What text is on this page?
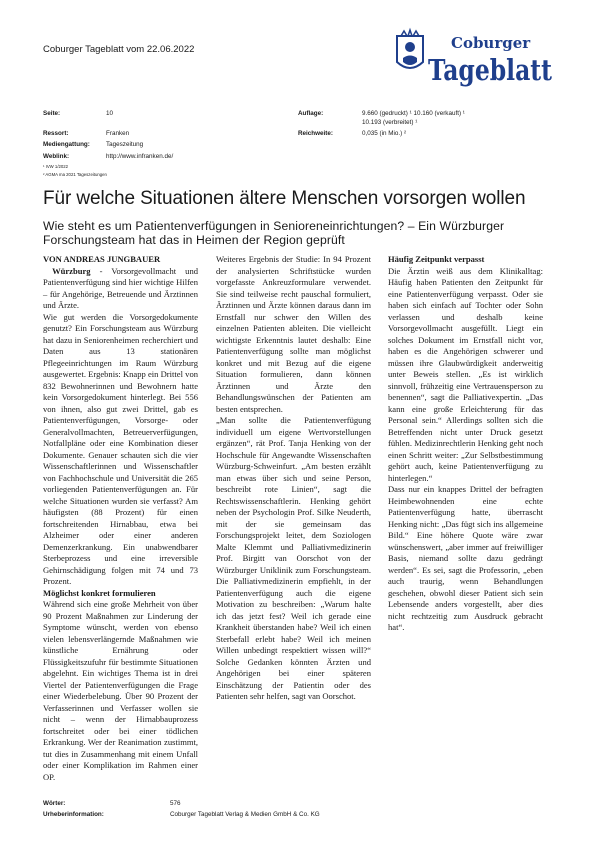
Coburger Tageblatt vom 22.06.2022	Coburger
Tageblatt
Seite:	10
Ressort:	Franken
Mediengattung:	Tageszeitung
Weblink:	http://www.infranken.de/
¹ IVW 1/2022
² AGMA ma 2021 Tageszeitungen
Auflage:	9.660 (gedruckt) ¹ 10.160 (verkauft) ¹
10.193 (verbreitet) ¹
Reichweite:	0,035 (in Mio.) ²
Für welche Situationen ältere Menschen vorsorgen wollen
Wie steht es um Patientenverfügungen in Senioreneinrichtungen? – Ein Würzburger Forschungsteam hat das in Heimen der Region geprüft

VON ANDREAS JUNGBAUER

Würzburg - Vorsorgevollmacht und Patientenverfügung sind hier wichtige Hilfen – für Angehörige, Betreuende und Ärztinnen und Ärzte.

Wie gut werden die Vorsorgedokumente genutzt? Ein Forschungsteam aus Würzburg hat dazu in Seniorenheimen recherchiert und Daten aus 13 stationären Pflegeeinrichtungen im Raum Würzburg ausgewertet. Ergebnis: Knapp ein Drittel von 832 Bewohnerinnen und Bewohnern hatte kein Vorsorgedokument hinterlegt. Bei 556 von ihnen, also gut zwei Drittel, gab es Patientenverfügungen, Vorsorge- oder Generalvollmachten, Betreuerverfügungen, Notfallpläne oder eine Kombination dieser Dokumente. Genauer schauten sich die vier Wissenschaftlerinnen und Wissenschaftler von Fachhochschule und Universität die 265 vorliegenden Patientenverfügungen an. Für welche Situationen wurden sie verfasst? Am häufigsten (88 Prozent) für einen fortschreitenden Hirnabbau, etwa bei Alzheimer oder einer anderen Demenzerkrankung. Ein unabwendbarer Sterbeprozess und eine irreversible Gehirnschädigung folgen mit 74 und 73 Prozent.

Möglichst konkret formulieren

Während sich eine große Mehrheit von über 90 Prozent Maßnahmen zur Linderung der Symptome wünscht, werden von ebenso vielen lebensverlängernde Maßnahmen wie künstliche Ernährung oder Flüssigkeitszufuhr für bestimmte Situationen abgelehnt. Ein wichtiges Thema ist in drei Viertel der Patientenverfügungen die Frage einer Wiederbelebung. Über 90 Prozent der Verfasserinnen und Verfasser wollen sie nicht – wenn der Hirnabbauprozess fortschreitet oder bei einer tödlichen Erkrankung. Wer der Reanimation zustimmt, tut dies in Zusammenhang mit einem Unfall oder einer Komplikation im Rahmen einer OP.

Weiteres Ergebnis der Studie: In 94 Prozent der analysierten Schriftstücke wurden vorgefasste Ankreuzformulare verwendet. Sie sind teilweise recht pauschal formuliert, Ärztinnen und Ärzte können daraus dann im Ernstfall nur schwer den Willen des einzelnen Patienten ableiten. Die vielleicht wichtigste Erkenntnis lautet deshalb: Eine Patientenverfügung sollte man möglichst konkret und mit Bezug auf die eigene Situation formulieren, dann können Ärztinnen und Ärzte den Behandlungswünschen der Patienten am besten entsprechen.

„Man sollte die Patientenverfügung individuell um eigene Wertvorstellungen ergänzen“, rät Prof. Tanja Henking von der Hochschule für Angewandte Wissenschaften Würzburg-Schweinfurt. „Am besten erzählt man etwas über sich und seine Person, beschreibt rote Linien“, sagt die Rechtswissenschaftlerin. Henking gehört neben der Psychologin Prof. Silke Neuderth, mit der sie gemeinsam das Forschungsprojekt leitet, dem Soziologen Malte Klemmt und Palliativmedizinerin Prof. Birgitt van Oorschot von der Würzburger Uniklinik zum Forschungsteam. Die Palliativmedizinerin empfiehlt, in der Patientenverfügung auch die eigene Motivation zu beschreiben: „Warum halte ich das jetzt fest? Weil ich gerade eine Krankheit überstanden habe? Weil ich einen Sterbefall erlebt habe? Weil ich meinen Willen unbedingt respektiert wissen will?“ Solche Gedanken könnten Ärzten und Angehörigen bei einer späteren Einschätzung der Patientin oder des Patienten sehr helfen, sagt van Oorschot.

Häufig Zeitpunkt verpasst

Die Ärztin weiß aus dem Klinikalltag: Häufig haben Patienten den Zeitpunkt für eine Patientenverfügung verpasst. Oder sie haben sich einfach auf Tochter oder Sohn verlassen und deshalb keine Vorsorgevollmacht ausgefüllt. Liegt ein solches Dokument im Ernstfall nicht vor, haben es die Angehörigen schwerer und müssen ihre Glaubwürdigkeit anderweitig unter Beweis stellen. „Es ist wirklich sinnvoll, frühzeitig eine Vertrauensperson zu benennen“, sagt die Palliativexpertin. „Das kann eine große Erleichterung für das Personal sein.“ Allerdings sollten sich die Betreffenden nicht unter Druck gesetzt fühlen. Medizinrechtlerin Henking geht noch einen Schritt weiter: „Zur Selbstbestimmung gehört auch, keine Patientenverfügung zu hinterlegen.“

Dass nur ein knappes Drittel der befragten Heimbewohnenden eine echte Patientenverfügung hatte, überrascht Henking nicht: „Das fügt sich ins allgemeine Bild.“ Eine höhere Quote wäre zwar wünschenswert, „aber immer auf freiwilliger Basis, niemand sollte dazu gedrängt werden“. Es sei, sagt die Professorin, „eben auch traurig, wenn Behandlungen geschehen, obwohl dieser Patient sich sein Lebensende anders vorgestellt, aber dies nicht rechtzeitig zum Ausdruck gebracht hat“.

Wörter:	576
Urheberinformation:	Coburger Tageblatt Verlag & Medien GmbH & Co. KG
